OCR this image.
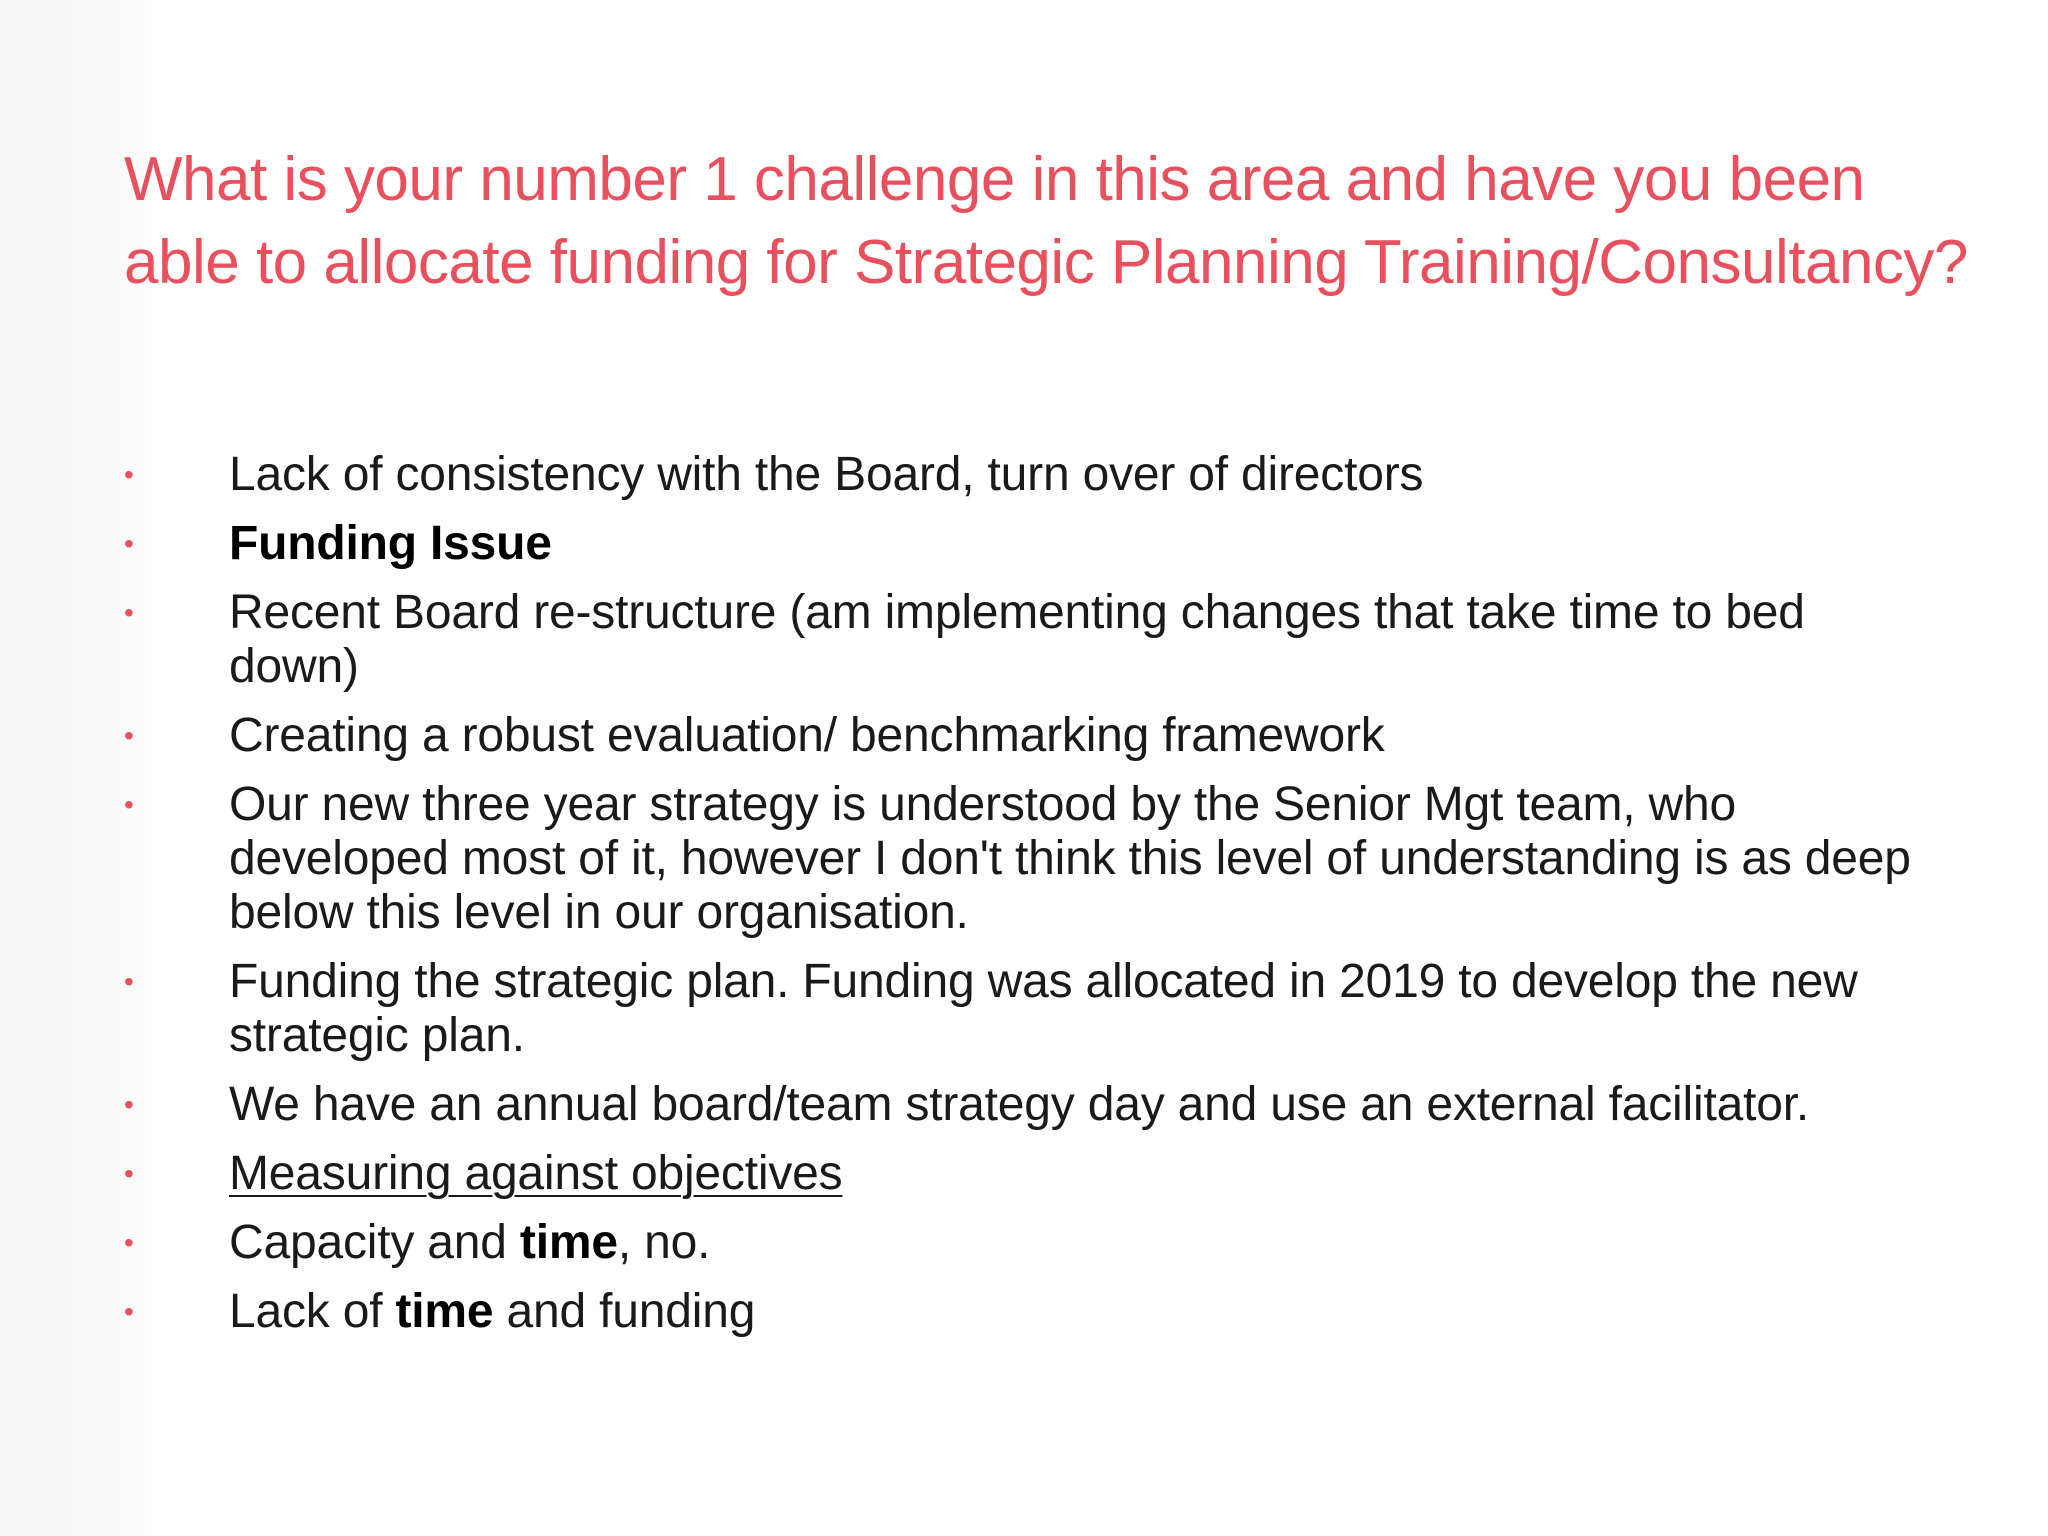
What is your number 1 challenge in this area and have you been able to allocate funding for Strategic Planning Training/Consultancy?
• Lack of consistency with the Board, turn over of directors
• Funding Issue
• Recent Board re-structure (am implementing changes that take time to bed down)
• Creating a robust evaluation/ benchmarking framework
• Our new three year strategy is understood by the Senior Mgt team, who developed most of it, however I don't think this level of understanding is as deep below this level in our organisation.
• Funding the strategic plan. Funding was allocated in 2019 to develop the new strategic plan.
• We have an annual board/team strategy day and use an external facilitator.
• Measuring against objectives
• Capacity and time, no.
• Lack of time and funding
